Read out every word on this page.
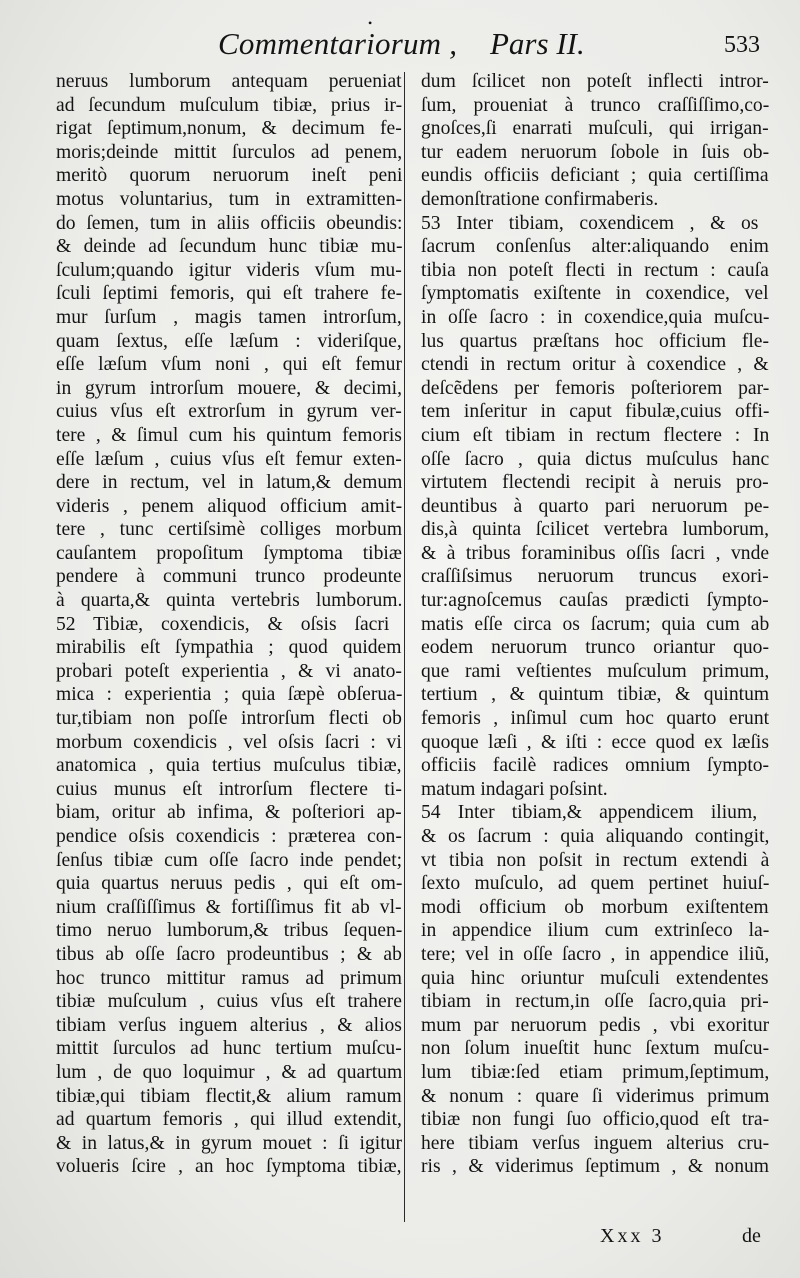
•
Commentariorum , Pars II.	533
neruus lumborum antequam perueniat
ad ſecundum muſculum tibiæ, prius ir-
rigat ſeptimum,nonum, & decimum fe-
moris;deinde mittit ſurculos ad penem,
meritò quorum neruorum ineſt peni
motus voluntarius, tum in extramitten-
do ſemen, tum in aliis officiis obeundis:
& deinde ad ſecundum hunc tibiæ mu-
ſculum;quando igitur videris vſum mu-
ſculi ſeptimi femoris, qui eſt trahere fe-
mur ſurſum , magis tamen introrſum,
quam ſextus, eſſe læſum : videriſque,
eſſe læſum vſum noni , qui eſt femur
in gyrum introrſum mouere, & decimi,
cuius vſus eſt extrorſum in gyrum ver-
tere , & ſimul cum his quintum femoris
eſſe læſum , cuius vſus eſt femur exten-
dere in rectum, vel in latum,& demum
videris , penem aliquod officium amit-
tere , tunc certiſsimè colliges morbum
cauſantem propoſitum ſymptoma tibiæ
pendere à communi trunco prodeunte
à quarta,& quinta vertebris lumborum.
52 Tibiæ, coxendicis, & oſsis ſacri
mirabilis eſt ſympathia ; quod quidem
probari poteſt experientia , & vi anato-
mica : experientia ; quia ſæpè obſerua-
tur,tibiam non poſſe introrſum flecti ob
morbum coxendicis , vel oſsis ſacri : vi
anatomica , quia tertius muſculus tibiæ,
cuius munus eſt introrſum flectere ti-
biam, oritur ab infima, & poſteriori ap-
pendice oſsis coxendicis : præterea con-
ſenſus tibiæ cum oſſe ſacro inde pendet;
quia quartus neruus pedis , qui eſt om-
nium craſſiſſimus & fortiſſimus fit ab vl-
timo neruo lumborum,& tribus ſequen-
tibus ab oſſe ſacro prodeuntibus ; & ab
hoc trunco mittitur ramus ad primum
tibiæ muſculum , cuius vſus eſt trahere
tibiam verſus inguem alterius , & alios
mittit ſurculos ad hunc tertium muſcu-
lum , de quo loquimur , & ad quartum
tibiæ,qui tibiam flectit,& alium ramum
ad quartum femoris , qui illud extendit,
& in latus,& in gyrum mouet : ſi igitur
volueris ſcire , an hoc ſymptoma tibiæ,
dum ſcilicet non poteſt inflecti intror-
ſum, proueniat à trunco craſſiſſimo,co-
gnoſces,ſi enarrati muſculi, qui irrigan-
tur eadem neruorum ſobole in ſuis ob-
eundis officiis deficiant ; quia certiſſima
demonſtratione confirmaberis.
53 Inter tibiam, coxendicem , & os
ſacrum conſenſus alter:aliquando enim
tibia non poteſt flecti in rectum : cauſa
ſymptomatis exiſtente in coxendice, vel
in oſſe ſacro : in coxendice,quia muſcu-
lus quartus præſtans hoc officium fle-
ctendi in rectum oritur à coxendice , &
deſcẽdens per femoris poſteriorem par-
tem inſeritur in caput fibulæ,cuius offi-
cium eſt tibiam in rectum flectere : In
oſſe ſacro , quia dictus muſculus hanc
virtutem flectendi recipit à neruis pro-
deuntibus à quarto pari neruorum pe-
dis,à quinta ſcilicet vertebra lumborum,
& à tribus foraminibus oſſis ſacri , vnde
craſſiſsimus neruorum truncus exori-
tur:agnoſcemus cauſas prædicti ſympto-
matis eſſe circa os ſacrum; quia cum ab
eodem neruorum trunco oriantur quo-
que rami veſtientes muſculum primum,
tertium , & quintum tibiæ, & quintum
femoris , inſimul cum hoc quarto erunt
quoque læſi , & iſti : ecce quod ex læſis
officiis facilè radices omnium ſympto-
matum indagari poſsint.
54 Inter tibiam,& appendicem ilium,
& os ſacrum : quia aliquando contingit,
vt tibia non poſsit in rectum extendi à
ſexto muſculo, ad quem pertinet huiuſ-
modi officium ob morbum exiſtentem
in appendice ilium cum extrinſeco la-
tere; vel in oſſe ſacro , in appendice iliũ,
quia hinc oriuntur muſculi extendentes
tibiam in rectum,in oſſe ſacro,quia pri-
mum par neruorum pedis , vbi exoritur
non ſolum inueſtit hunc ſextum muſcu-
lum tibiæ:ſed etiam primum,ſeptimum,
& nonum : quare ſi viderimus primum
tibiæ non fungi ſuo officio,quod eſt tra-
here tibiam verſus inguem alterius cru-
ris , & viderimus ſeptimum , & nonum
Xxx 3	de
